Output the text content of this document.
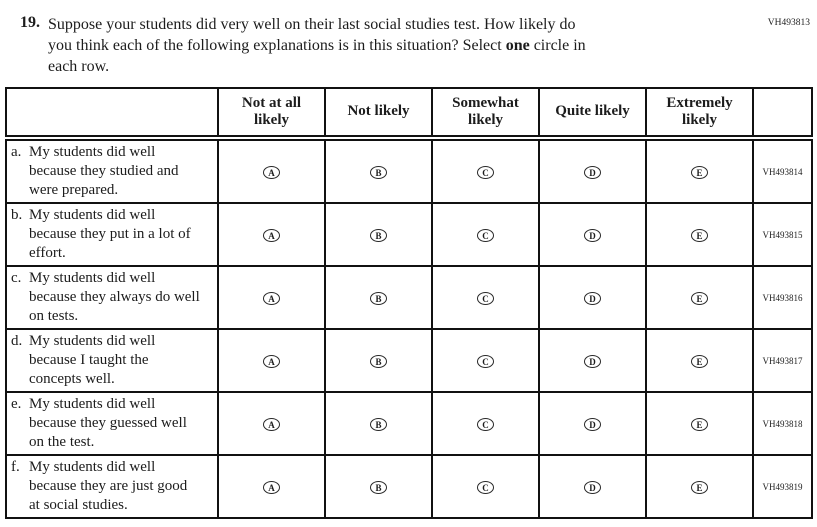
VH493813
19. Suppose your students did very well on their last social studies test. How likely do
you think each of the following explanations is in this situation? Select one circle in
each row.
	Not at all likely	Not likely	Somewhat likely	Quite likely	Extremely likely	
a. My students did well because they studied and were prepared.	A	B	C	D	E	VH493814
b. My students did well because they put in a lot of effort.	A	B	C	D	E	VH493815
c. My students did well because they always do well on tests.	A	B	C	D	E	VH493816
d. My students did well because I taught the concepts well.	A	B	C	D	E	VH493817
e. My students did well because they guessed well on the test.	A	B	C	D	E	VH493818
f. My students did well because they are just good at social studies.	A	B	C	D	E	VH493819
